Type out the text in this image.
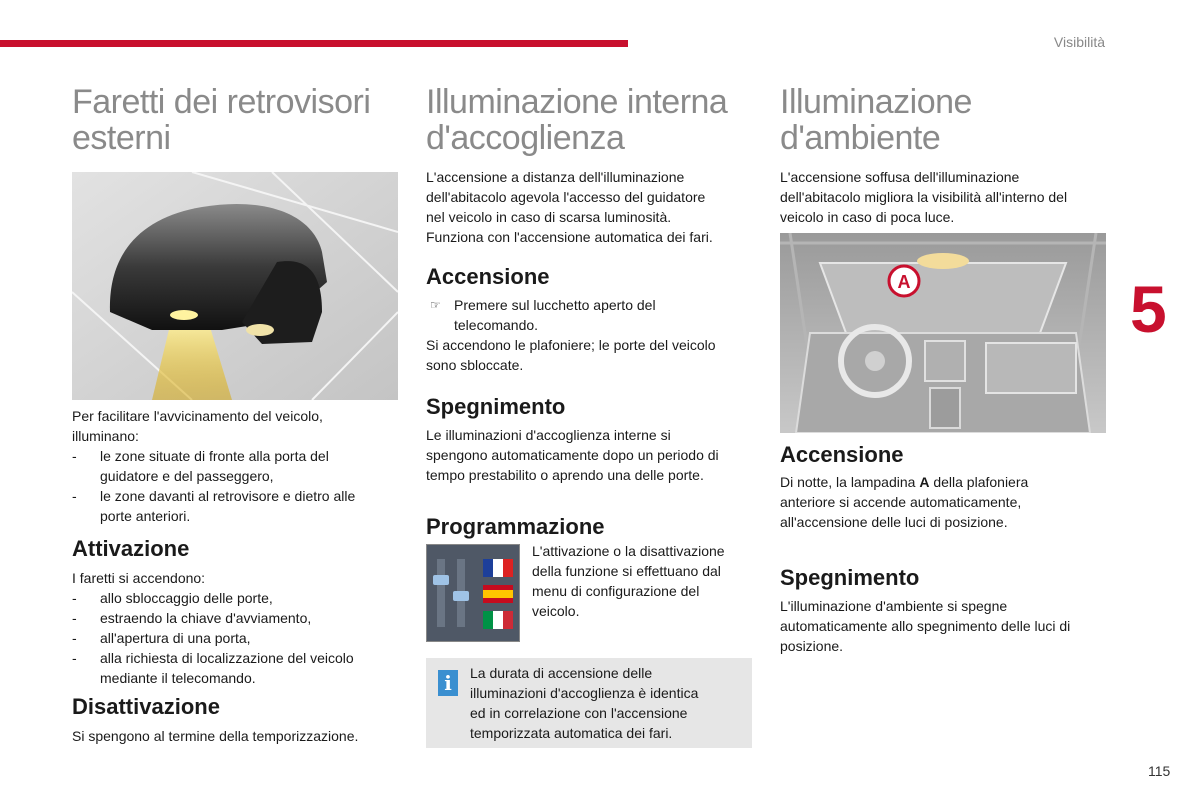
Visibilità
5
115
Faretti dei retrovisori
esterni

Per facilitare l'avvicinamento del veicolo,
illuminano:

- le zone situate di fronte alla porta del
guidatore e del passeggero,
- le zone davanti al retrovisore e dietro alle
porte anteriori.
Attivazione

I faretti si accendono:

- allo sbloccaggio delle porte,
- estraendo la chiave d'avviamento,
- all'apertura di una porta,
- alla richiesta di localizzazione del veicolo
mediante il telecomando.
Disattivazione

Si spengono al termine della temporizzazione.

Illuminazione interna
d'accoglienza

L'accensione a distanza dell'illuminazione
dell'abitacolo agevola l'accesso del guidatore
nel veicolo in caso di scarsa luminosità.
Funziona con l'accensione automatica dei fari.

Accensione
☞ Premere sul lucchetto aperto del
telecomando.

Si accendono le plafoniere; le porte del veicolo
sono sbloccate.

Spegnimento

Le illuminazioni d'accoglienza interne si
spengono automaticamente dopo un periodo di
tempo prestabilito o aprendo una delle porte.

Programmazione

L'attivazione o la disattivazione
della funzione si effettuano dal
menu di configurazione del
veicolo.

i	La durata di accensione delle
illuminazioni d'accoglienza è identica
ed in correlazione con l'accensione
temporizzata automatica dei fari.

Illuminazione
d'ambiente

L'accensione soffusa dell'illuminazione
dell'abitacolo migliora la visibilità all'interno del
veicolo in caso di poca luce.

A
Accensione

Di notte, la lampadina A della plafoniera
anteriore si accende automaticamente,
all'accensione delle luci di posizione.

Spegnimento

L'illuminazione d'ambiente si spegne
automaticamente allo spegnimento delle luci di
posizione.
